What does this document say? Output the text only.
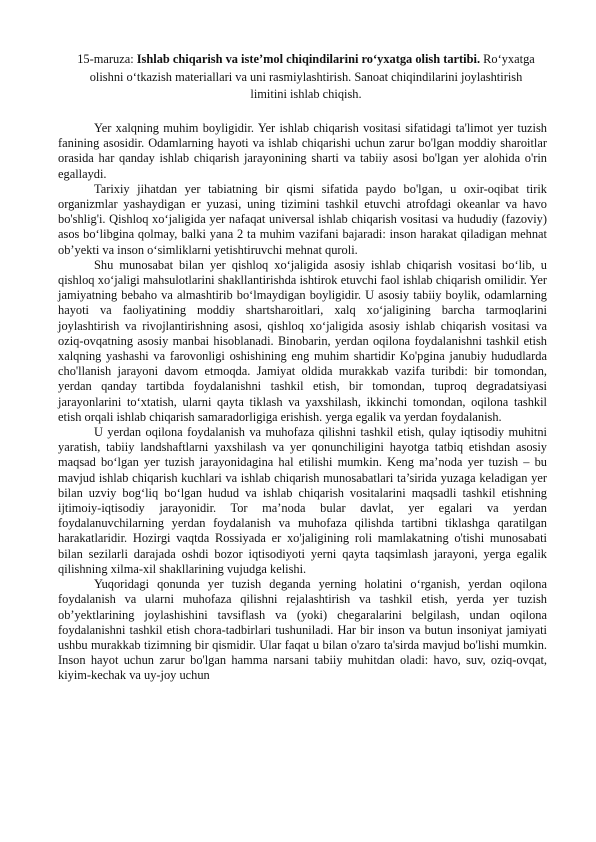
15-maruza: Ishlab chiqarish va iste’mol chiqindilarini ro‘yxatga olish tartibi. Ro‘yxatga olishni o‘tkazish materiallari va uni rasmiylashtirish. Sanoat chiqindilarini joylashtirish limitini ishlab chiqish.

Yer xalqning muhim boyligidir. Yer ishlab chiqarish vositasi sifatidagi ta'limot yer tuzish fanining asosidir. Odamlarning hayoti va ishlab chiqarishi uchun zarur bo'lgan moddiy sharoitlar orasida har qanday ishlab chiqarish jarayonining sharti va tabiiy asosi bo'lgan yer alohida o'rin egallaydi.

Tarixiy jihatdan yer tabiatning bir qismi sifatida paydo bo'lgan, u oxir-oqibat tirik organizmlar yashaydigan er yuzasi, uning tizimini tashkil etuvchi atrofdagi okeanlar va havo bo'shlig'i. Qishloq xo‘jaligida yer nafaqat universal ishlab chiqarish vositasi va hududiy (fazoviy) asos bo‘libgina qolmay, balki yana 2 ta muhim vazifani bajaradi: inson harakat qiladigan mehnat ob’yekti va inson o‘simliklarni yetishtiruvchi mehnat quroli.

Shu munosabat bilan yer qishloq xo‘jaligida asosiy ishlab chiqarish vositasi bo‘lib, u qishloq xo‘jaligi mahsulotlarini shakllantirishda ishtirok etuvchi faol ishlab chiqarish omilidir. Yer jamiyatning bebaho va almashtirib bo‘lmaydigan boyligidir. U asosiy tabiiy boylik, odamlarning hayoti va faoliyatining moddiy shartsharoitlari, xalq xo‘jaligining barcha tarmoqlarini joylashtirish va rivojlantirishning asosi, qishloq xo‘jaligida asosiy ishlab chiqarish vositasi va oziq-ovqatning asosiy manbai hisoblanadi. Binobarin, yerdan oqilona foydalanishni tashkil etish xalqning yashashi va farovonligi oshishining eng muhim shartidir Ko'pgina janubiy hududlarda cho'llanish jarayoni davom etmoqda. Jamiyat oldida murakkab vazifa turibdi: bir tomondan, yerdan qanday tartibda foydalanishni tashkil etish, bir tomondan, tuproq degradatsiyasi jarayonlarini to‘xtatish, ularni qayta tiklash va yaxshilash, ikkinchi tomondan, oqilona tashkil etish orqali ishlab chiqarish samaradorligiga erishish. yerga egalik va yerdan foydalanish.

U yerdan oqilona foydalanish va muhofaza qilishni tashkil etish, qulay iqtisodiy muhitni yaratish, tabiiy landshaftlarni yaxshilash va yer qonunchiligini hayotga tatbiq etishdan asosiy maqsad bo‘lgan yer tuzish jarayonidagina hal etilishi mumkin. Keng ma’noda yer tuzish – bu mavjud ishlab chiqarish kuchlari va ishlab chiqarish munosabatlari ta’sirida yuzaga keladigan yer bilan uzviy bog‘liq bo‘lgan hudud va ishlab chiqarish vositalarini maqsadli tashkil etishning ijtimoiy-iqtisodiy jarayonidir. Tor ma’noda bular davlat, yer egalari va yerdan foydalanuvchilarning yerdan foydalanish va muhofaza qilishda tartibni tiklashga qaratilgan harakatlaridir. Hozirgi vaqtda Rossiyada er xo'jaligining roli mamlakatning o'tishi munosabati bilan sezilarli darajada oshdi bozor iqtisodiyoti yerni qayta taqsimlash jarayoni, yerga egalik qilishning xilma-xil shakllarining vujudga kelishi.

Yuqoridagi qonunda yer tuzish deganda yerning holatini o‘rganish, yerdan oqilona foydalanish va ularni muhofaza qilishni rejalashtirish va tashkil etish, yerda yer tuzish ob’yektlarining joylashishini tavsiflash va (yoki) chegaralarini belgilash, undan oqilona foydalanishni tashkil etish chora-tadbirlari tushuniladi. Har bir inson va butun insoniyat jamiyati ushbu murakkab tizimning bir qismidir. Ular faqat u bilan o'zaro ta'sirda mavjud bo'lishi mumkin. Inson hayot uchun zarur bo'lgan hamma narsani tabiiy muhitdan oladi: havo, suv, oziq-ovqat, kiyim-kechak va uy-joy uchun
